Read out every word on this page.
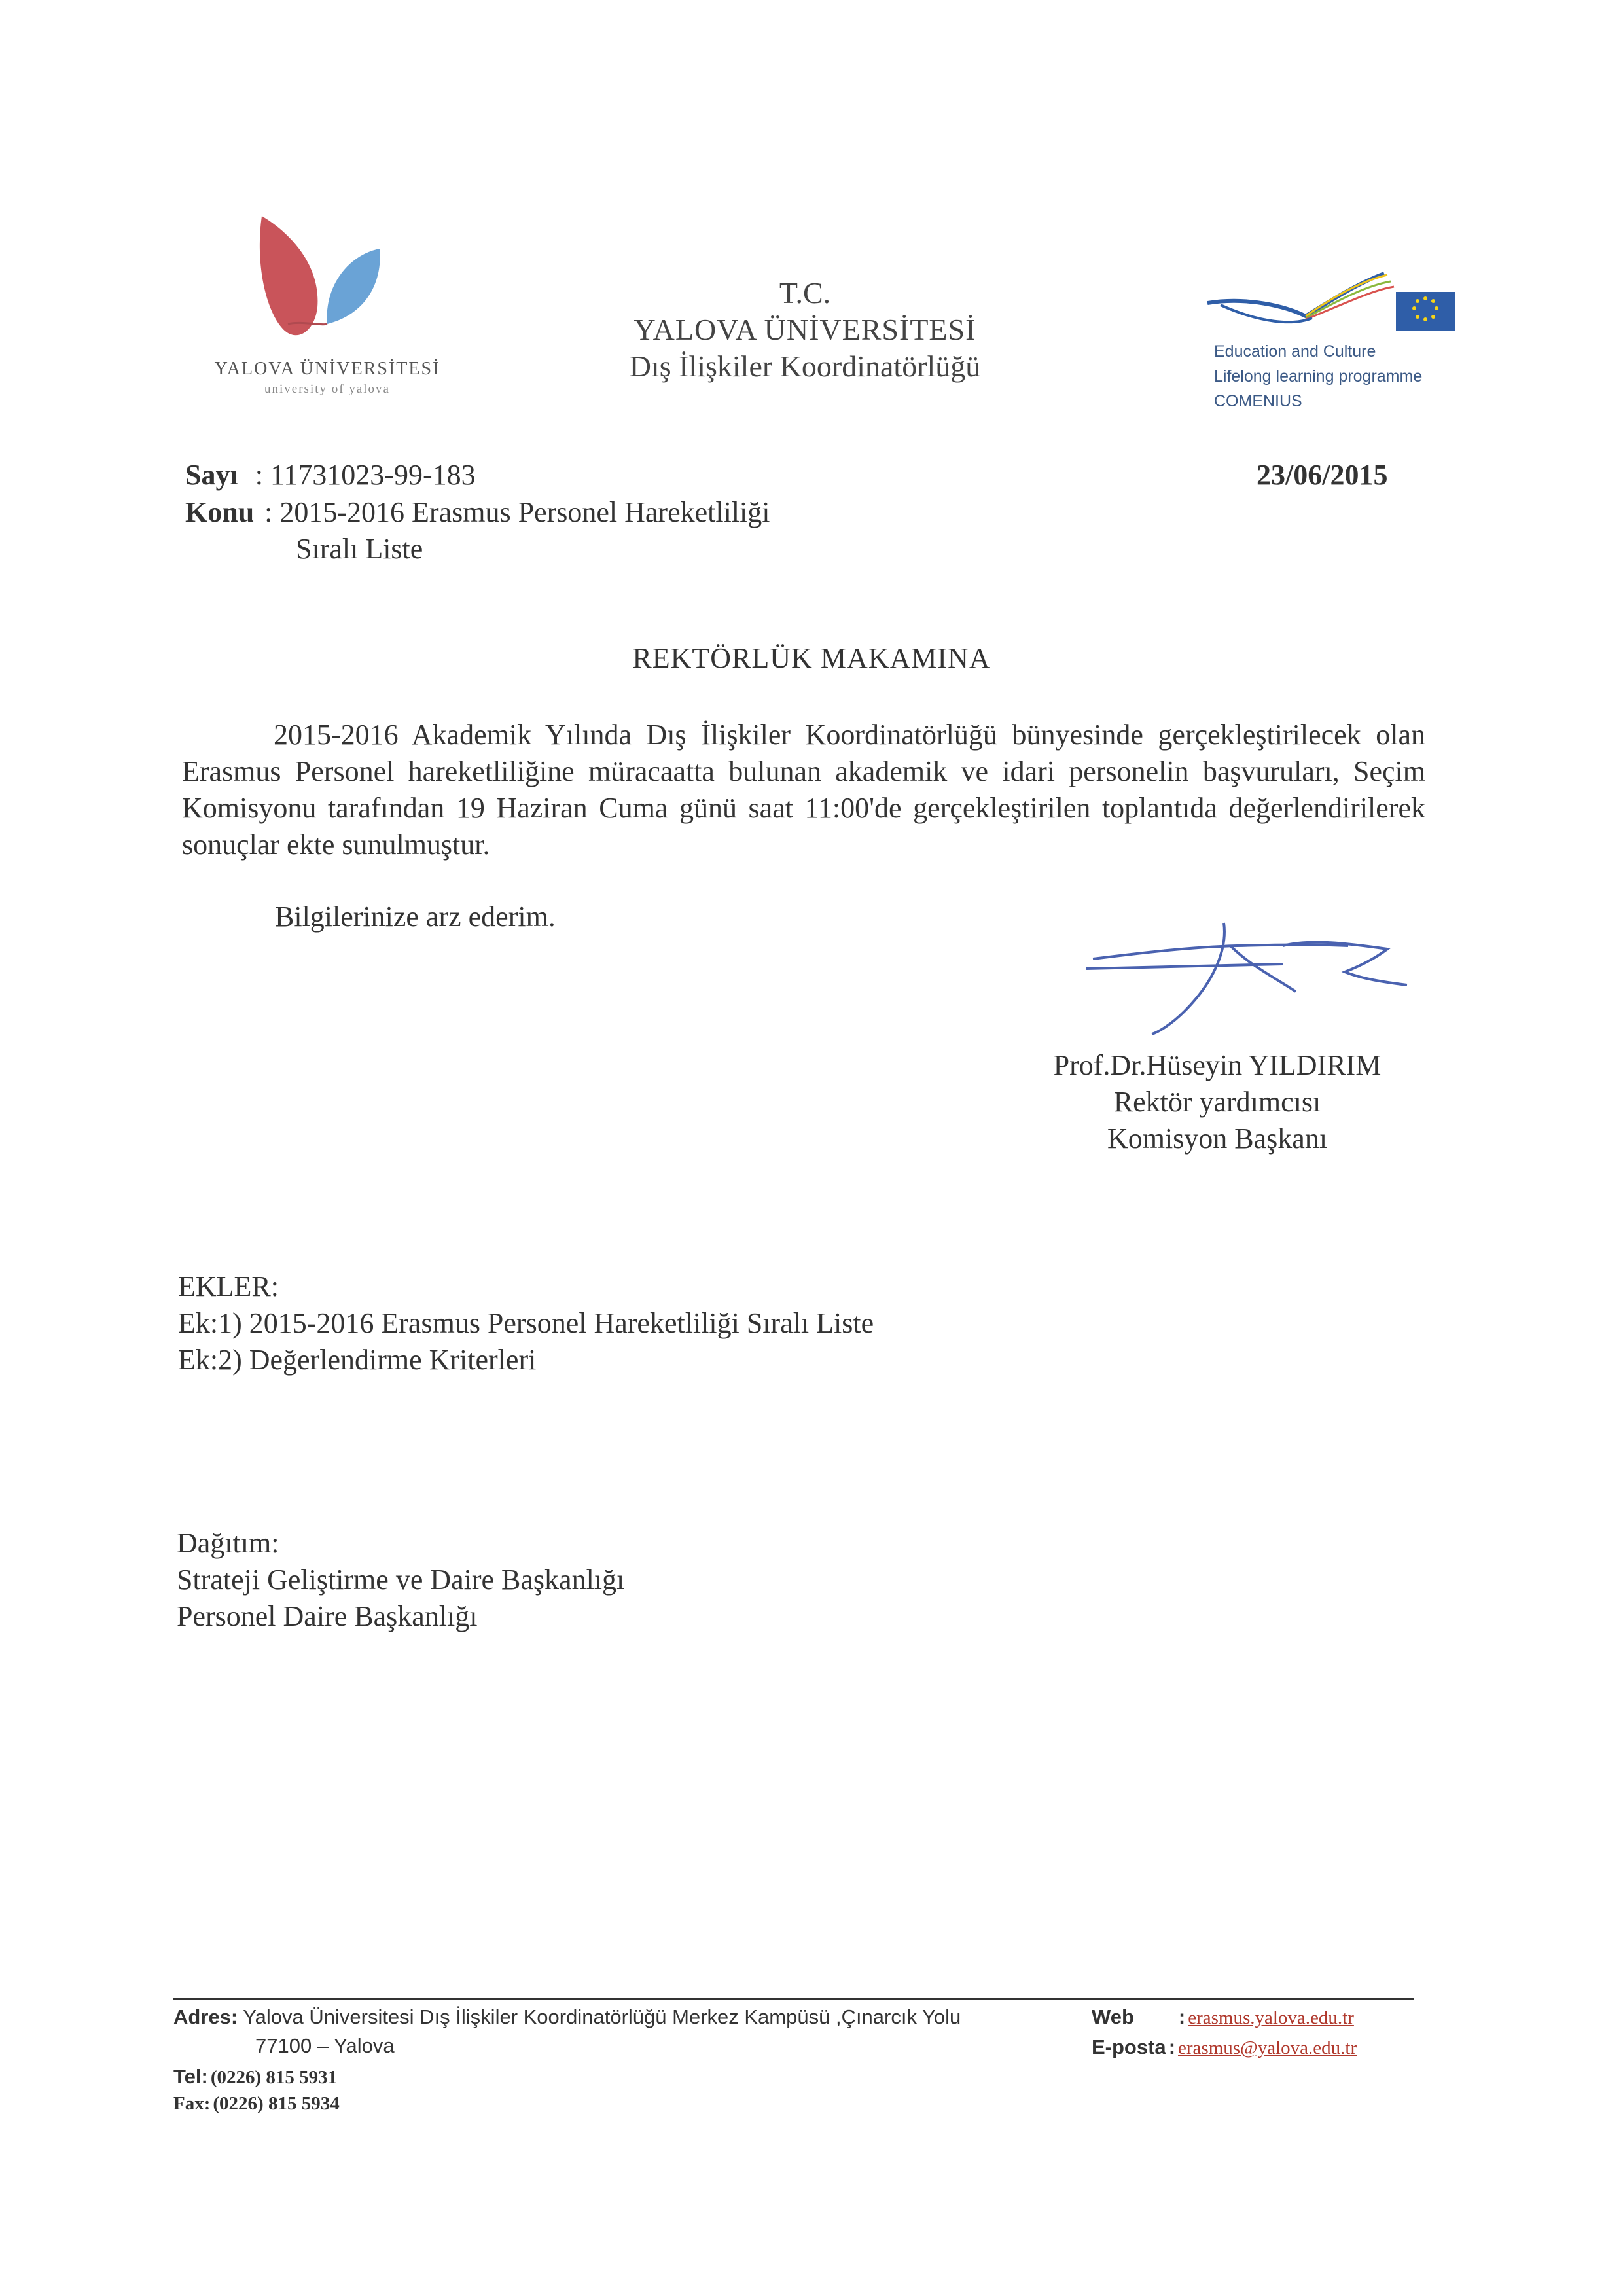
YALOVA ÜNİVERSİTESİ
university of yalova
T.C.
YALOVA ÜNİVERSİTESİ
Dış İlişkiler Koordinatörlüğü	Education and Culture
Lifelong learning programme
COMENIUS
Sayı : 11731023-99-183
Konu : 2015-2016 Erasmus Personel Hareketliliği
Sıralı Liste
23/06/2015
REKTÖRLÜK MAKAMINA
2015-2016 Akademik Yılında Dış İlişkiler Koordinatörlüğü bünyesinde gerçekleştirilecek olan Erasmus Personel hareketliliğine müracaatta bulunan akademik ve idari personelin başvuruları, Seçim Komisyonu tarafından 19 Haziran Cuma günü saat 11:00'de gerçekleştirilen toplantıda değerlendirilerek sonuçlar ekte sunulmuştur.
Bilgilerinize arz ederim.
Prof.Dr.Hüseyin YILDIRIM
Rektör yardımcısı
Komisyon Başkanı
EKLER:
Ek:1) 2015-2016 Erasmus Personel Hareketliliği Sıralı Liste
Ek:2) Değerlendirme Kriterleri
Dağıtım:
Strateji Geliştirme ve Daire Başkanlığı
Personel Daire Başkanlığı
Adres: Yalova Üniversitesi Dış İlişkiler Koordinatörlüğü Merkez Kampüsü ,Çınarcık Yolu
77100 – Yalova
Tel: (0226) 815 5931
Fax: (0226) 815 5934
Web : erasmus.yalova.edu.tr
E-posta : erasmus@yalova.edu.tr
